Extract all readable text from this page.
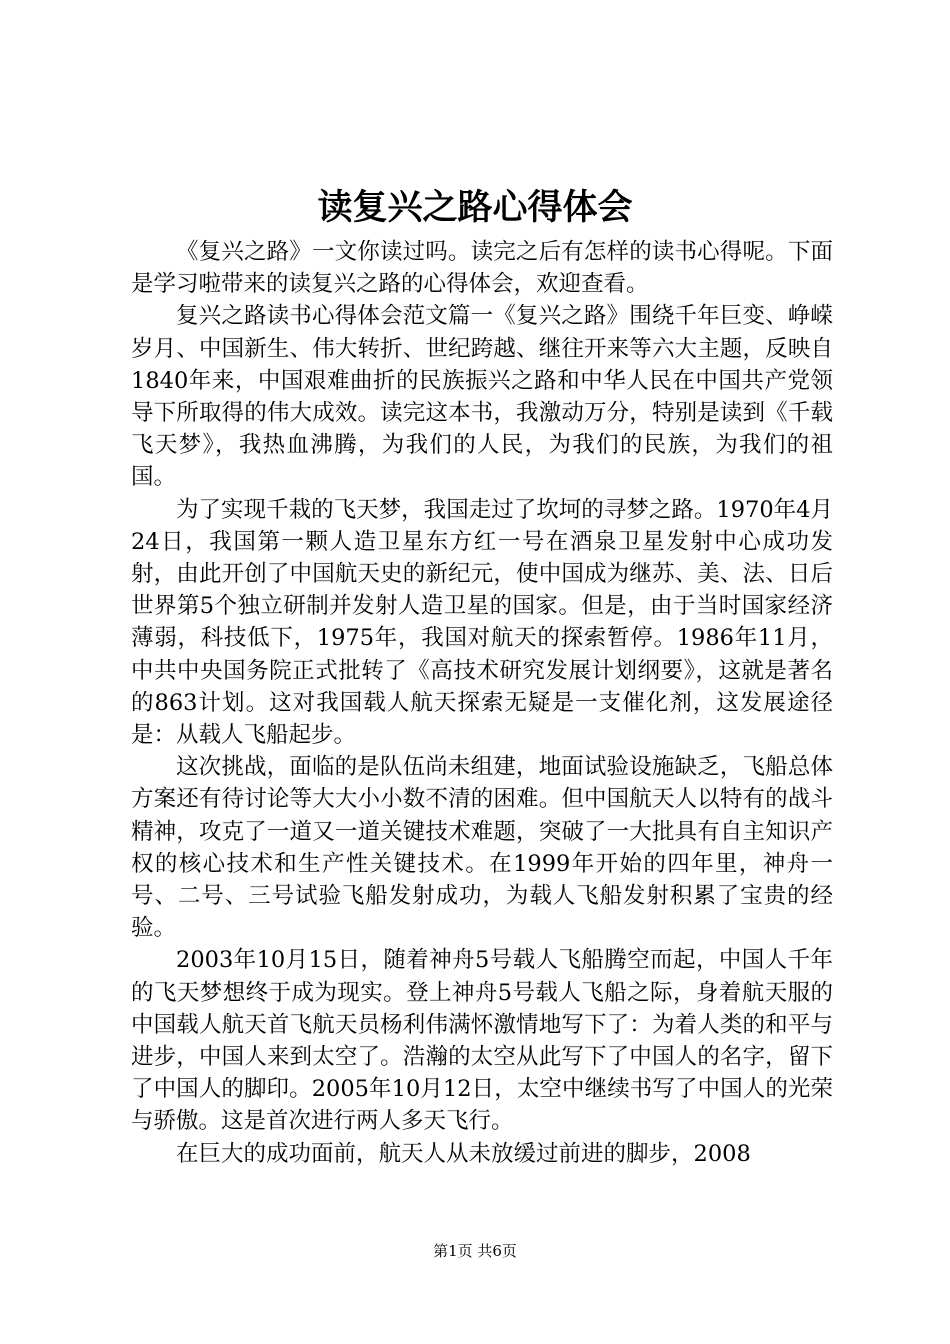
读复兴之路心得体会

《复兴之路》一文你读过吗。读完之后有怎样的读书心得呢。下面是学习啦带来的读复兴之路的心得体会，欢迎查看。

复兴之路读书心得体会范文篇一《复兴之路》围绕千年巨变、峥嵘岁月、中国新生、伟大转折、世纪跨越、继往开来等六大主题，反映自1840年来，中国艰难曲折的民族振兴之路和中华人民在中国共产党领导下所取得的伟大成效。读完这本书，我激动万分，特别是读到《千载飞天梦》，我热血沸腾，为我们的人民，为我们的民族，为我们的祖国。

为了实现千栽的飞天梦，我国走过了坎坷的寻梦之路。1970年4月24日，我国第一颗人造卫星东方红一号在酒泉卫星发射中心成功发射，由此开创了中国航天史的新纪元，使中国成为继苏、美、法、日后世界第5个独立研制并发射人造卫星的国家。但是，由于当时国家经济薄弱，科技低下，1975年，我国对航天的探索暂停。1986年11月，中共中央国务院正式批转了《高技术研究发展计划纲要》，这就是著名的863计划。这对我国载人航天探索无疑是一支催化剂，这发展途径是：从载人飞船起步。

这次挑战，面临的是队伍尚未组建，地面试验设施缺乏，飞船总体方案还有待讨论等大大小小数不清的困难。但中国航天人以特有的战斗精神，攻克了一道又一道关键技术难题，突破了一大批具有自主知识产权的核心技术和生产性关键技术。在1999年开始的四年里，神舟一号、二号、三号试验飞船发射成功，为载人飞船发射积累了宝贵的经验。

2003年10月15日，随着神舟5号载人飞船腾空而起，中国人千年的飞天梦想终于成为现实。登上神舟5号载人飞船之际，身着航天服的中国载人航天首飞航天员杨利伟满怀激情地写下了：为着人类的和平与进步，中国人来到太空了。浩瀚的太空从此写下了中国人的名字，留下了中国人的脚印。2005年10月12日，太空中继续书写了中国人的光荣与骄傲。这是首次进行两人多天飞行。

在巨大的成功面前，航天人从未放缓过前进的脚步，2008

第1页 共6页
